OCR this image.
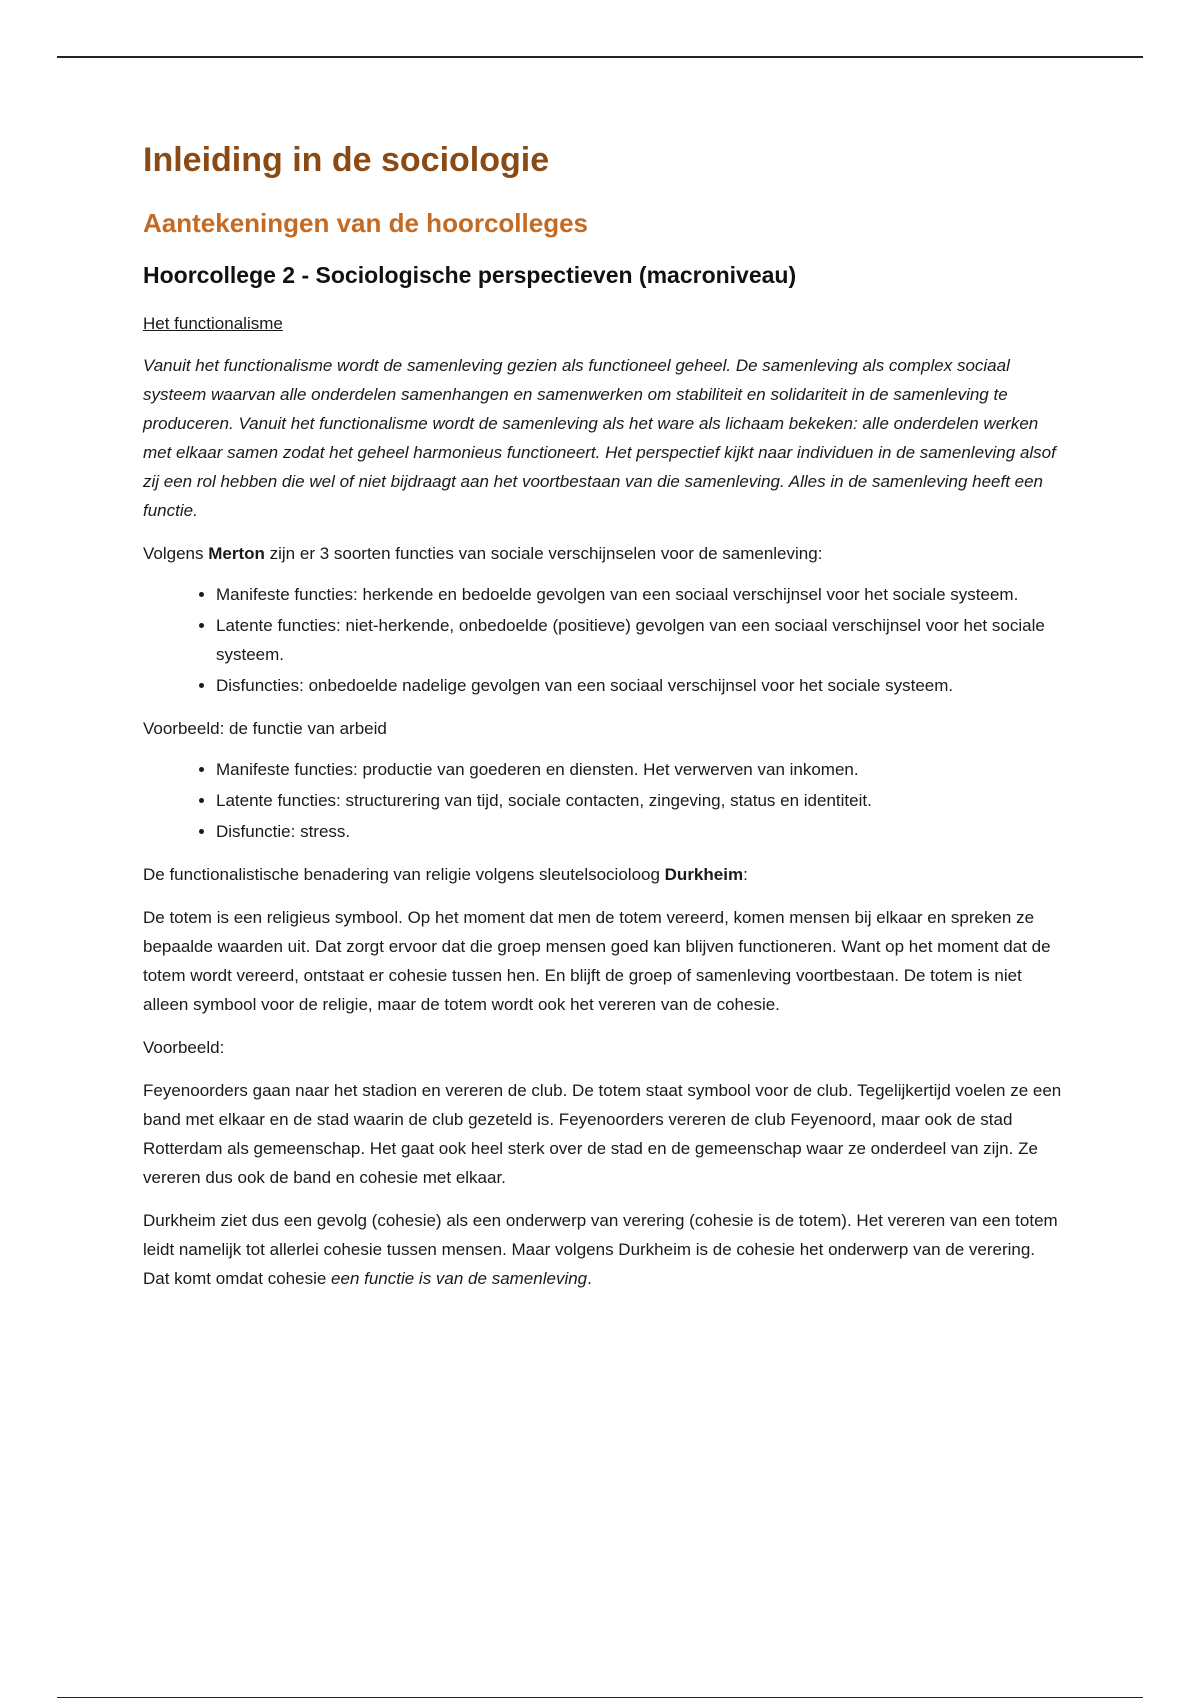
Inleiding in de sociologie
Aantekeningen van de hoorcolleges
Hoorcollege 2 - Sociologische perspectieven (macroniveau)
Het functionalisme

Vanuit het functionalisme wordt de samenleving gezien als functioneel geheel. De samenleving als complex sociaal systeem waarvan alle onderdelen samenhangen en samenwerken om stabiliteit en solidariteit in de samenleving te produceren. Vanuit het functionalisme wordt de samenleving als het ware als lichaam bekeken: alle onderdelen werken met elkaar samen zodat het geheel harmonieus functioneert. Het perspectief kijkt naar individuen in de samenleving alsof zij een rol hebben die wel of niet bijdraagt aan het voortbestaan van die samenleving. Alles in de samenleving heeft een functie.

Volgens Merton zijn er 3 soorten functies van sociale verschijnselen voor de samenleving:

• Manifeste functies: herkende en bedoelde gevolgen van een sociaal verschijnsel voor het sociale systeem.
• Latente functies: niet-herkende, onbedoelde (positieve) gevolgen van een sociaal verschijnsel voor het sociale systeem.
• Disfuncties: onbedoelde nadelige gevolgen van een sociaal verschijnsel voor het sociale systeem.

Voorbeeld: de functie van arbeid

• Manifeste functies: productie van goederen en diensten. Het verwerven van inkomen.
• Latente functies: structurering van tijd, sociale contacten, zingeving, status en identiteit.
• Disfunctie: stress.

De functionalistische benadering van religie volgens sleutelsocioloog Durkheim:

De totem is een religieus symbool. Op het moment dat men de totem vereerd, komen mensen bij elkaar en spreken ze bepaalde waarden uit. Dat zorgt ervoor dat die groep mensen goed kan blijven functioneren. Want op het moment dat de totem wordt vereerd, ontstaat er cohesie tussen hen. En blijft de groep of samenleving voortbestaan. De totem is niet alleen symbool voor de religie, maar de totem wordt ook het vereren van de cohesie.

Voorbeeld:

Feyenoorders gaan naar het stadion en vereren de club. De totem staat symbool voor de club. Tegelijkertijd voelen ze een band met elkaar en de stad waarin de club gezeteld is. Feyenoorders vereren de club Feyenoord, maar ook de stad Rotterdam als gemeenschap. Het gaat ook heel sterk over de stad en de gemeenschap waar ze onderdeel van zijn. Ze vereren dus ook de band en cohesie met elkaar.

Durkheim ziet dus een gevolg (cohesie) als een onderwerp van verering (cohesie is de totem). Het vereren van een totem leidt namelijk tot allerlei cohesie tussen mensen. Maar volgens Durkheim is de cohesie het onderwerp van de verering. Dat komt omdat cohesie een functie is van de samenleving.
